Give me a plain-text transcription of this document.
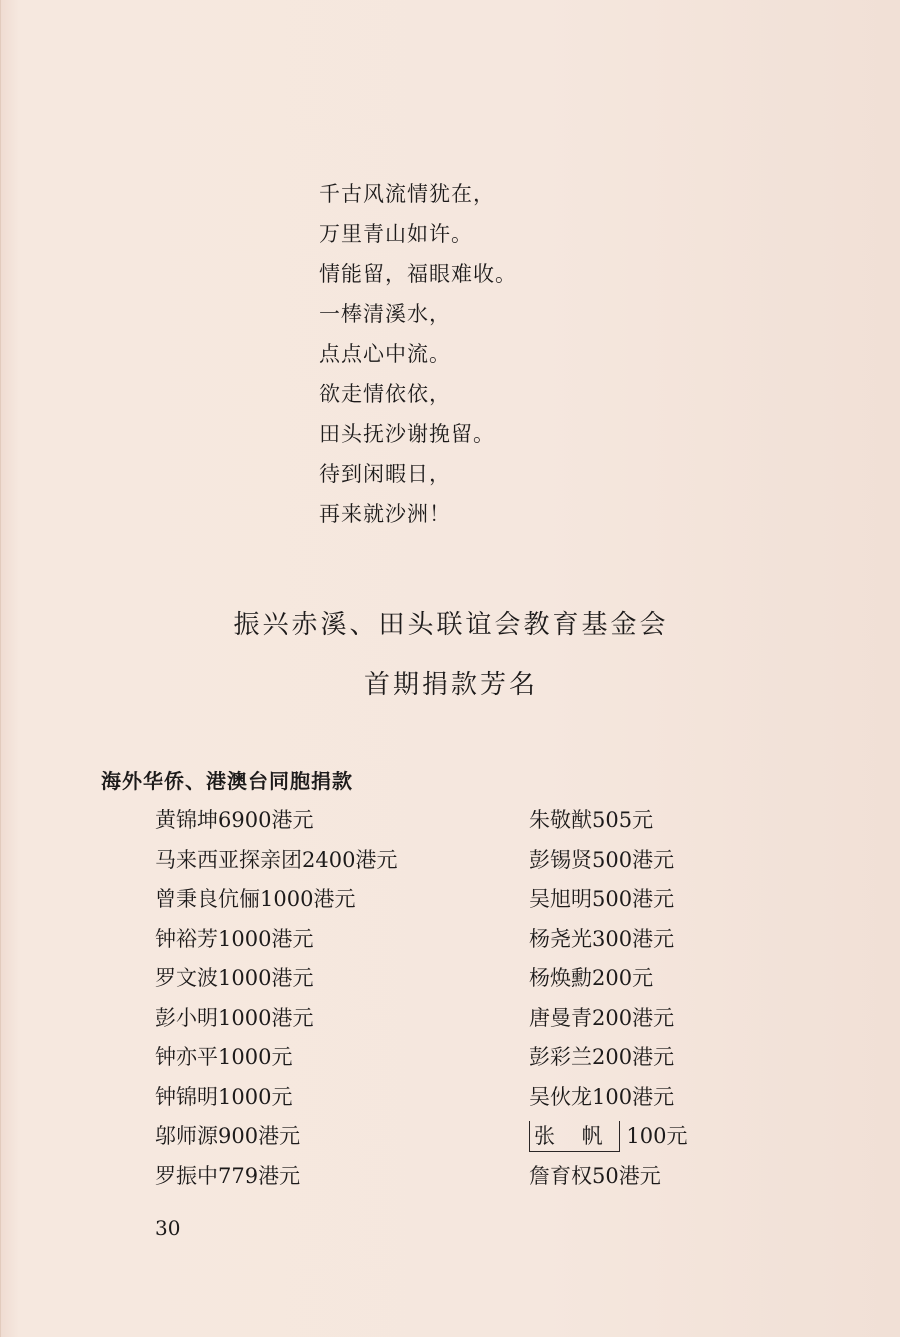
千古风流情犹在，
万里青山如许。
情能留，福眼难收。
一棒清溪水，
点点心中流。
欲走情依依，
田头抚沙谢挽留。
待到闲暇日，
再来就沙洲！
振兴赤溪、田头联谊会教育基金会
首期捐款芳名
海外华侨、港澳台同胞捐款
黄锦坤6900港元
马来西亚探亲团2400港元
曾秉良伉俪1000港元
钟裕芳1000港元
罗文波1000港元
彭小明1000港元
钟亦平1000元
钟锦明1000元
邬师源900港元
罗振中779港元
朱敬猷505元
彭锡贤500港元
吴旭明500港元
杨尧光300港元
杨焕勳200元
唐曼青200港元
彭彩兰200港元
吴伙龙100港元
张 帆 100元
詹育权50港元
30
